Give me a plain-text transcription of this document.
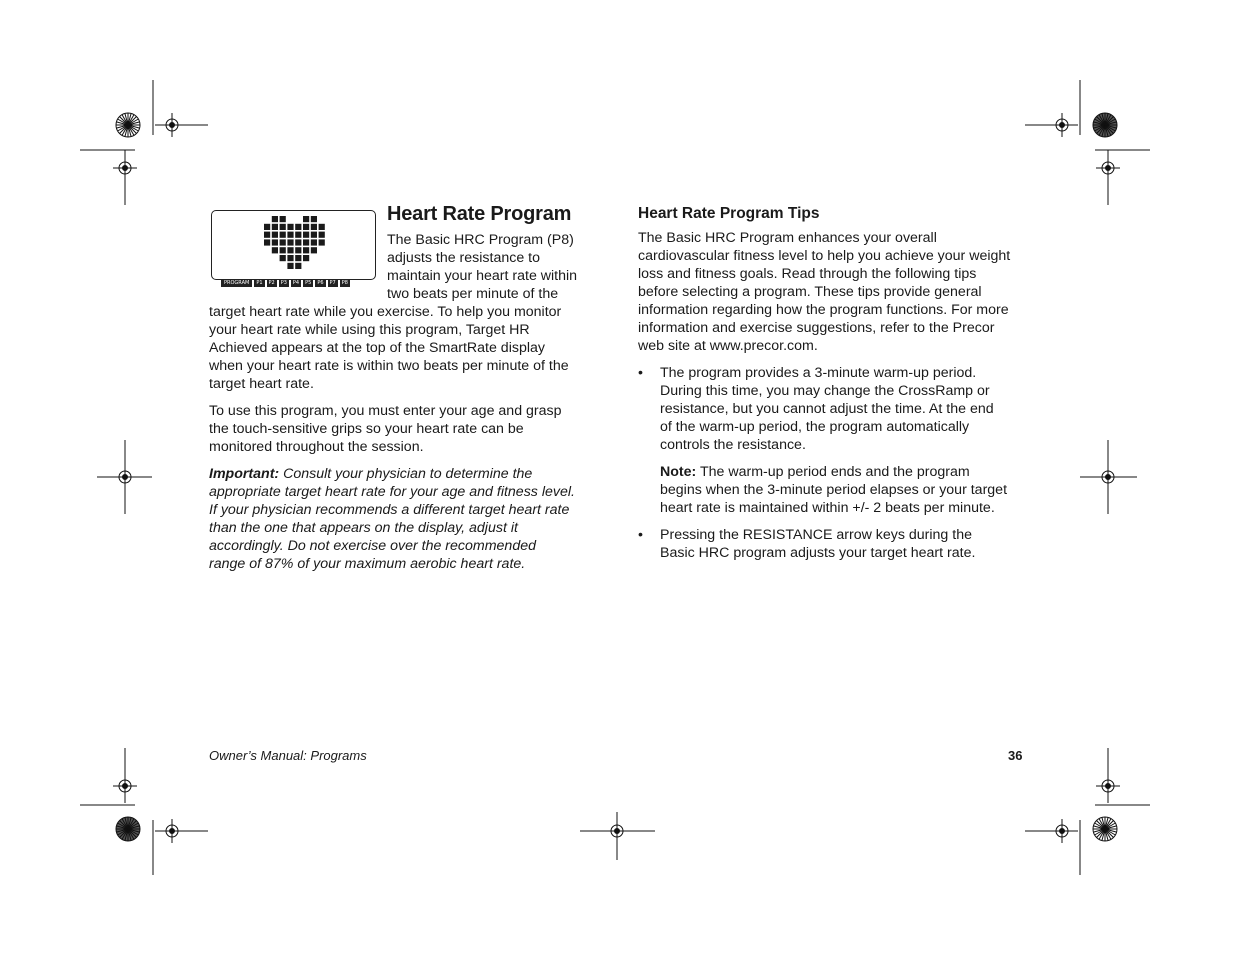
PROGRAM	P1	P2	P3	P4	P5	P6	P7	P8
Heart Rate Program
The Basic HRC Program (P8)
adjusts the resistance to
maintain your heart rate within
two beats per minute of the
target heart rate while you exercise. To help you monitor
your heart rate while using this program, Target HR
Achieved appears at the top of the SmartRate display
when your heart rate is within two beats per minute of the
target heart rate.
To use this program, you must enter your age and grasp
the touch-sensitive grips so your heart rate can be
monitored throughout the session.
Important: Consult your physician to determine the
appropriate target heart rate for your age and fitness level.
If your physician recommends a different target heart rate
than the one that appears on the display, adjust it
accordingly. Do not exercise over the recommended
range of 87% of your maximum aerobic heart rate.
Heart Rate Program Tips
The Basic HRC Program enhances your overall
cardiovascular fitness level to help you achieve your weight
loss and fitness goals. Read through the following tips
before selecting a program. These tips provide general
information regarding how the program functions. For more
information and exercise suggestions, refer to the Precor
web site at www.precor.com.
• The program provides a 3-minute warm-up period.
During this time, you may change the CrossRamp or
resistance, but you cannot adjust the time. At the end
of the warm-up period, the program automatically
controls the resistance.
Note: The warm-up period ends and the program
begins when the 3-minute period elapses or your target
heart rate is maintained within +/- 2 beats per minute.
• Pressing the RESISTANCE arrow keys during the
Basic HRC program adjusts your target heart rate.
Owner’s Manual: Programs	36
